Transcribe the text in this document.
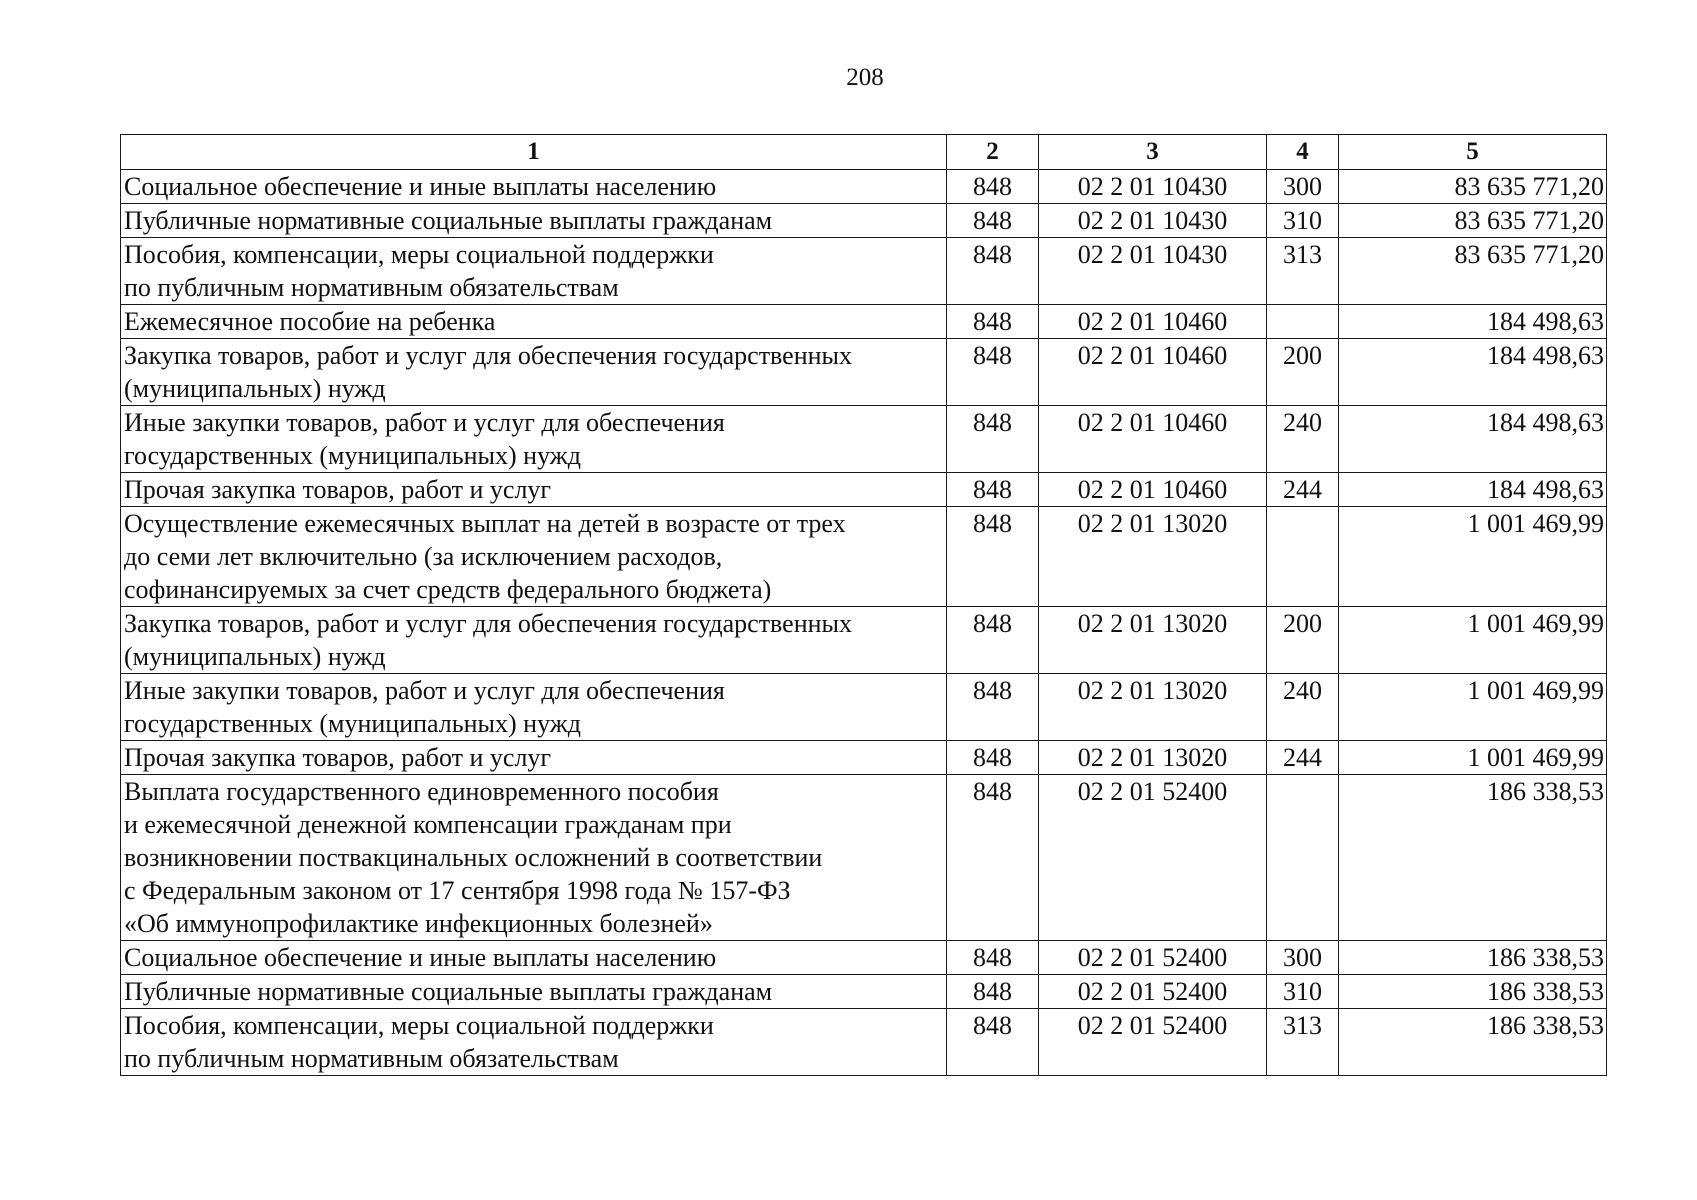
208
1	2	3	4	5
Социальное обеспечение и иные выплаты населению	848	02 2 01 10430	300	83 635 771,20
Публичные нормативные социальные выплаты гражданам	848	02 2 01 10430	310	83 635 771,20
Пособия, компенсации, меры социальной поддержки
по публичным нормативным обязательствам	848	02 2 01 10430	313	83 635 771,20
Ежемесячное пособие на ребенка	848	02 2 01 10460		184 498,63
Закупка товаров, работ и услуг для обеспечения государственных
(муниципальных) нужд	848	02 2 01 10460	200	184 498,63
Иные закупки товаров, работ и услуг для обеспечения
государственных (муниципальных) нужд	848	02 2 01 10460	240	184 498,63
Прочая закупка товаров, работ и услуг	848	02 2 01 10460	244	184 498,63
Осуществление ежемесячных выплат на детей в возрасте от трех
до семи лет включительно (за исключением расходов,
софинансируемых за счет средств федерального бюджета)	848	02 2 01 13020		1 001 469,99
Закупка товаров, работ и услуг для обеспечения государственных
(муниципальных) нужд	848	02 2 01 13020	200	1 001 469,99
Иные закупки товаров, работ и услуг для обеспечения
государственных (муниципальных) нужд	848	02 2 01 13020	240	1 001 469,99
Прочая закупка товаров, работ и услуг	848	02 2 01 13020	244	1 001 469,99
Выплата государственного единовременного пособия
и ежемесячной денежной компенсации гражданам при
возникновении поствакцинальных осложнений в соответствии
с Федеральным законом от 17 сентября 1998 года № 157-ФЗ
«Об иммунопрофилактике инфекционных болезней»	848	02 2 01 52400		186 338,53
Социальное обеспечение и иные выплаты населению	848	02 2 01 52400	300	186 338,53
Публичные нормативные социальные выплаты гражданам	848	02 2 01 52400	310	186 338,53
Пособия, компенсации, меры социальной поддержки
по публичным нормативным обязательствам	848	02 2 01 52400	313	186 338,53
